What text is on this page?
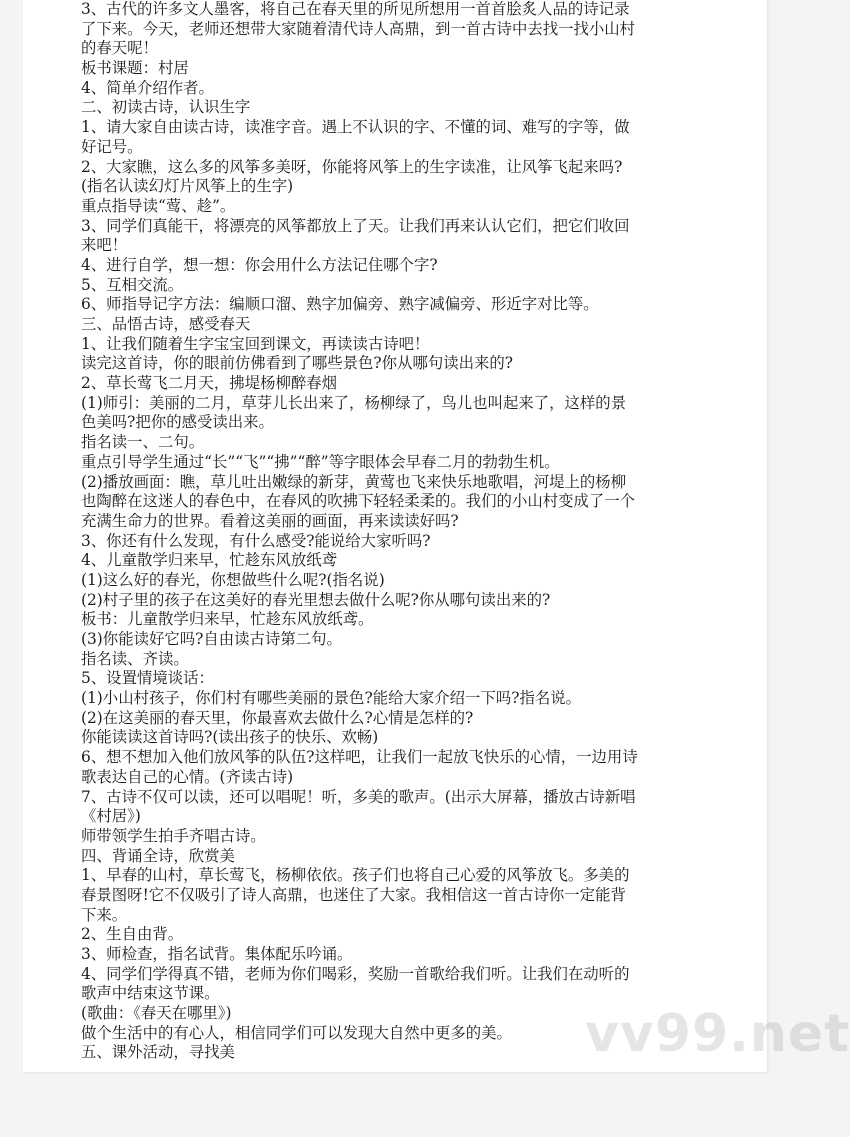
3、古代的许多文人墨客，将自己在春天里的所见所想用一首首脍炙人品的诗记录
了下来。今天，老师还想带大家随着清代诗人高鼎，到一首古诗中去找一找小山村
的春天呢！
板书课题：村居
4、简单介绍作者。
二、初读古诗，认识生字
1、请大家自由读古诗，读准字音。遇上不认识的字、不懂的词、难写的字等，做
好记号。
2、大家瞧，这么多的风筝多美呀，你能将风筝上的生字读准，让风筝飞起来吗?
(指名认读幻灯片风筝上的生字)
重点指导读“莺、趁”。
3、同学们真能干，将漂亮的风筝都放上了天。让我们再来认认它们，把它们收回
来吧！
4、进行自学，想一想：你会用什么方法记住哪个字?
5、互相交流。
6、师指导记字方法：编顺口溜、熟字加偏旁、熟字减偏旁、形近字对比等。
三、品悟古诗，感受春天
1、让我们随着生字宝宝回到课文，再读读古诗吧！
读完这首诗，你的眼前仿佛看到了哪些景色?你从哪句读出来的?
2、草长莺飞二月天，拂堤杨柳醉春烟
(1)师引：美丽的二月，草芽儿长出来了，杨柳绿了，鸟儿也叫起来了，这样的景
色美吗?把你的感受读出来。
指名读一、二句。
重点引导学生通过“长”“飞”“拂”“醉”等字眼体会早春二月的勃勃生机。
(2)播放画面：瞧，草儿吐出嫩绿的新芽，黄莺也飞来快乐地歌唱，河堤上的杨柳
也陶醉在这迷人的春色中，在春风的吹拂下轻轻柔柔的。我们的小山村变成了一个
充满生命力的世界。看着这美丽的画面，再来读读好吗?
3、你还有什么发现，有什么感受?能说给大家听吗?
4、儿童散学归来早，忙趁东风放纸鸢
(1)这么好的春光，你想做些什么呢?(指名说)
(2)村子里的孩子在这美好的春光里想去做什么呢?你从哪句读出来的?
板书：儿童散学归来早，忙趁东风放纸鸢。
(3)你能读好它吗?自由读古诗第二句。
指名读、齐读。
5、设置情境谈话：
(1)小山村孩子，你们村有哪些美丽的景色?能给大家介绍一下吗?指名说。
(2)在这美丽的春天里，你最喜欢去做什么?心情是怎样的?
你能读读这首诗吗?(读出孩子的快乐、欢畅)
6、想不想加入他们放风筝的队伍?这样吧，让我们一起放飞快乐的心情，一边用诗
歌表达自己的心情。(齐读古诗)
7、古诗不仅可以读，还可以唱呢！听，多美的歌声。(出示大屏幕，播放古诗新唱
《村居》)
师带领学生拍手齐唱古诗。
四、背诵全诗，欣赏美
1、早春的山村，草长莺飞，杨柳依依。孩子们也将自己心爱的风筝放飞。多美的
春景图呀!它不仅吸引了诗人高鼎，也迷住了大家。我相信这一首古诗你一定能背
下来。
2、生自由背。
3、师检查，指名试背。集体配乐吟诵。
4、同学们学得真不错，老师为你们喝彩，奖励一首歌给我们听。让我们在动听的
歌声中结束这节课。
(歌曲：《春天在哪里》)
做个生活中的有心人，相信同学们可以发现大自然中更多的美。
五、课外活动，寻找美	vv99.net
